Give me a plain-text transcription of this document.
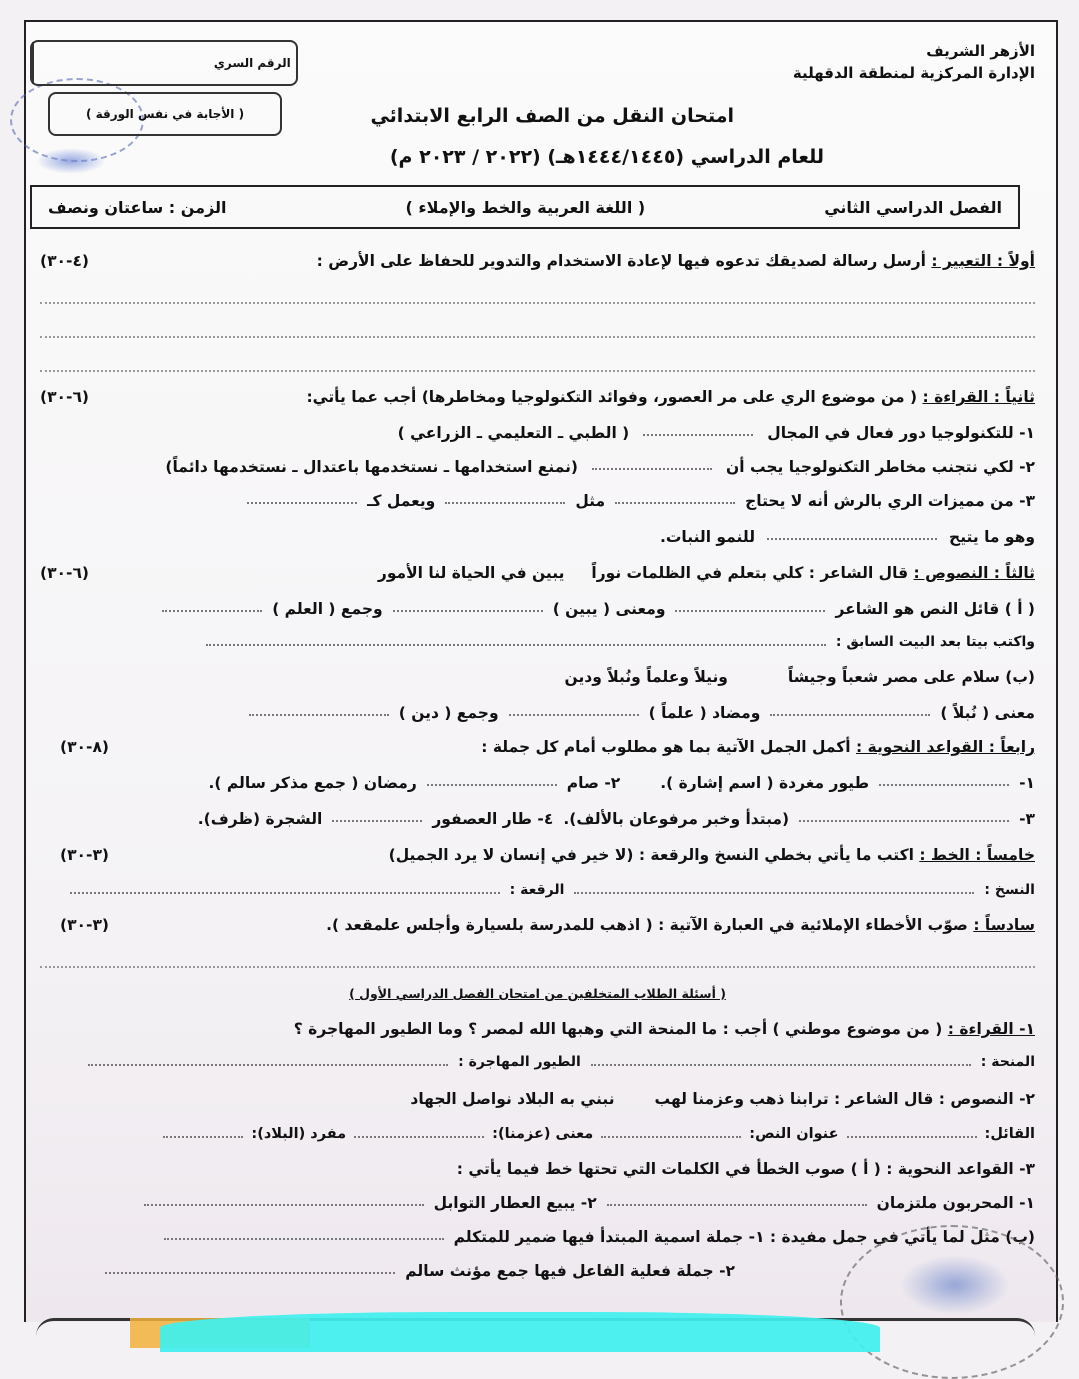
الأزهر الشريف
الإدارة المركزية لمنطقة الدقهلية
الرقم السري
( الأجابة في نفس الورقة )	امتحان النقل من الصف الرابع الابتدائي
للعام الدراسي (١٤٤٤/١٤٤٥هـ) (٢٠٢٢ / ٢٠٢٣ م)
الفصل الدراسي الثاني
( اللغة العربية والخط والإملاء )
الزمن : ساعتان ونصف
أولاً : التعبير : أرسل رسالة لصديقك تدعوه فيها لإعادة الاستخدام والتدوير للحفاظ على الأرض :
(٤-٣٠)
ثانياً : القراءة : ( من موضوع الري على مر العصور، وفوائد التكنولوجيا ومخاطرها) أجب عما يأتي:
(٦-٣٠)
١- للتكنولوجيا دور فعال في المجال
( الطبي ـ التعليمي ـ الزراعي )
٢- لكي نتجنب مخاطر التكنولوجيا يجب أن
(نمنع استخدامها ـ نستخدمها باعتدال ـ نستخدمها دائماً)
٣- من مميزات الري بالرش أنه لا يحتاج
مثل
ويعمل كـ
وهو ما يتيح
للنمو النبات.
ثالثاً : النصوص : قال الشاعر : كلي بتعلم في الظلمات نوراً     يبين في الحياة لنا الأمور
(٦-٣٠)
( أ ) قائل النص هو الشاعر
ومعنى ( يبين )
وجمع ( العلم )
واكتب بيتا بعد البيت السابق :
(ب) سلام على مصر شعباً وجيشاً
ونيلاً وعلماً ونُبلاً ودين
معنى ( نُبلاً )
ومضاد ( علماً )
وجمع ( دين )
رابعاً : القواعد النحوية : أكمل الجمل الآتية بما هو مطلوب أمام كل جملة :
(٨-٣٠)
١-
طيور مغردة ( اسم إشارة ).
٢- صام
رمضان ( جمع مذكر سالم ).
٣-
(مبتدأ وخبر مرفوعان بالألف).
٤- طار العصفور
الشجرة (ظرف).
خامساً : الخط : اكتب ما يأتي بخطي النسخ والرقعة : (لا خير في إنسان لا يرد الجميل)
(٣-٣٠)
النسخ :
الرقعة :
سادساً : صوّب الأخطاء الإملائية في العبارة الآتية : ( اذهب للمدرسة بلسيارة وأجلس علمقعد ).
(٣-٣٠)
( أسئلة الطلاب المتخلفين من امتحان الفصل الدراسي الأول )
١- القراءة : ( من موضوع موطني ) أجب : ما المنحة التي وهبها الله لمصر ؟ وما الطيور المهاجرة ؟
المنحة :
الطيور المهاجرة :
٢- النصوص : قال الشاعر : ترابنا ذهب وعزمنا لهب
نبني به البلاد نواصل الجهاد
القائل:
عنوان النص:
معنى (عزمنا):
مفرد (البلاد):
٣- القواعد النحوية : ( أ ) صوب الخطأ في الكلمات التي تحتها خط فيما يأتي :
١- المحربون ملتزمان
٢- يبيع العطار التوابل
(ب) مثل لما يأتي في جمل مفيدة : ١- جملة اسمية المبتدأ فيها ضمير للمتكلم
٢- جملة فعلية الفاعل فيها جمع مؤنث سالم
